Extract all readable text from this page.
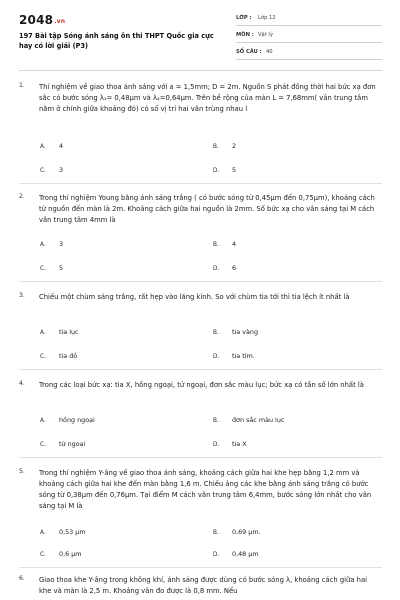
2048.vn
197 Bài tập Sóng ánh sáng ôn thi THPT Quốc gia cực hay có lời giải (P3)
LỚP : Lớp 12
MÔN : Vật lý
SỐ CÂU : 40
1. Thí nghiệm về giao thoa ánh sáng với a = 1,5mm; D = 2m. Nguồn S phát đồng thời hai bức xạ đơn sắc có bước sóng λ₁= 0,48μm và λ₂=0,64μm. Trên bề rộng của màn L = 7,68mm( vân trung tâm nằm ở chính giữa khoảng đó) có số vị trí hai vân trùng nhau l
A. 4	B. 2
C. 3	D. 5
2. Trong thí nghiệm Young bằng ánh sáng trắng ( có bước sóng từ 0,45μm đến 0,75μm), khoảng cách từ nguồn đến màn là 2m. Khoảng cách giữa hai nguồn là 2mm. Số bức xạ cho vân sáng tại M cách vân trung tâm 4mm là
A. 3	B. 4
C. 5	D. 6
3. Chiếu một chùm sáng trắng, rất hẹp vào lăng kính. So với chùm tia tới thì tia lệch ít nhất là
A. tia lục	B. tia vàng
C. tia đỏ	D. tia tím.
4. Trong các loại bức xạ: tia X, hồng ngoại, tử ngoại, đơn sắc màu lục; bức xạ có tần số lớn nhất là
A. hồng ngoại	B. đơn sắc màu lục
C. tử ngoại	D. tia X
5. Trong thí nghiệm Y-âng về giao thoa ánh sáng, khoảng cách giữa hai khe hẹp bằng 1,2 mm và khoảng cách giữa hai khe đến màn bằng 1,6 m. Chiếu ảng các khe bằng ánh sáng trắng có bước sóng từ 0,38μm đến 0,76μm. Tại điểm M cách vân trung tâm 6,4mm, bước sóng lớn nhất cho vân sáng tại M là
A. 0,53 μm	B. 0,69 μm.
C. 0,6 μm	D. 0,48 μm
6. Giao thoa khe Y-âng trong không khí, ánh sáng được dùng có bước sóng λ, khoảng cách giữa hai khe và màn là 2,5 m. Khoảng vân đo được là 0,8 mm. Nếu
